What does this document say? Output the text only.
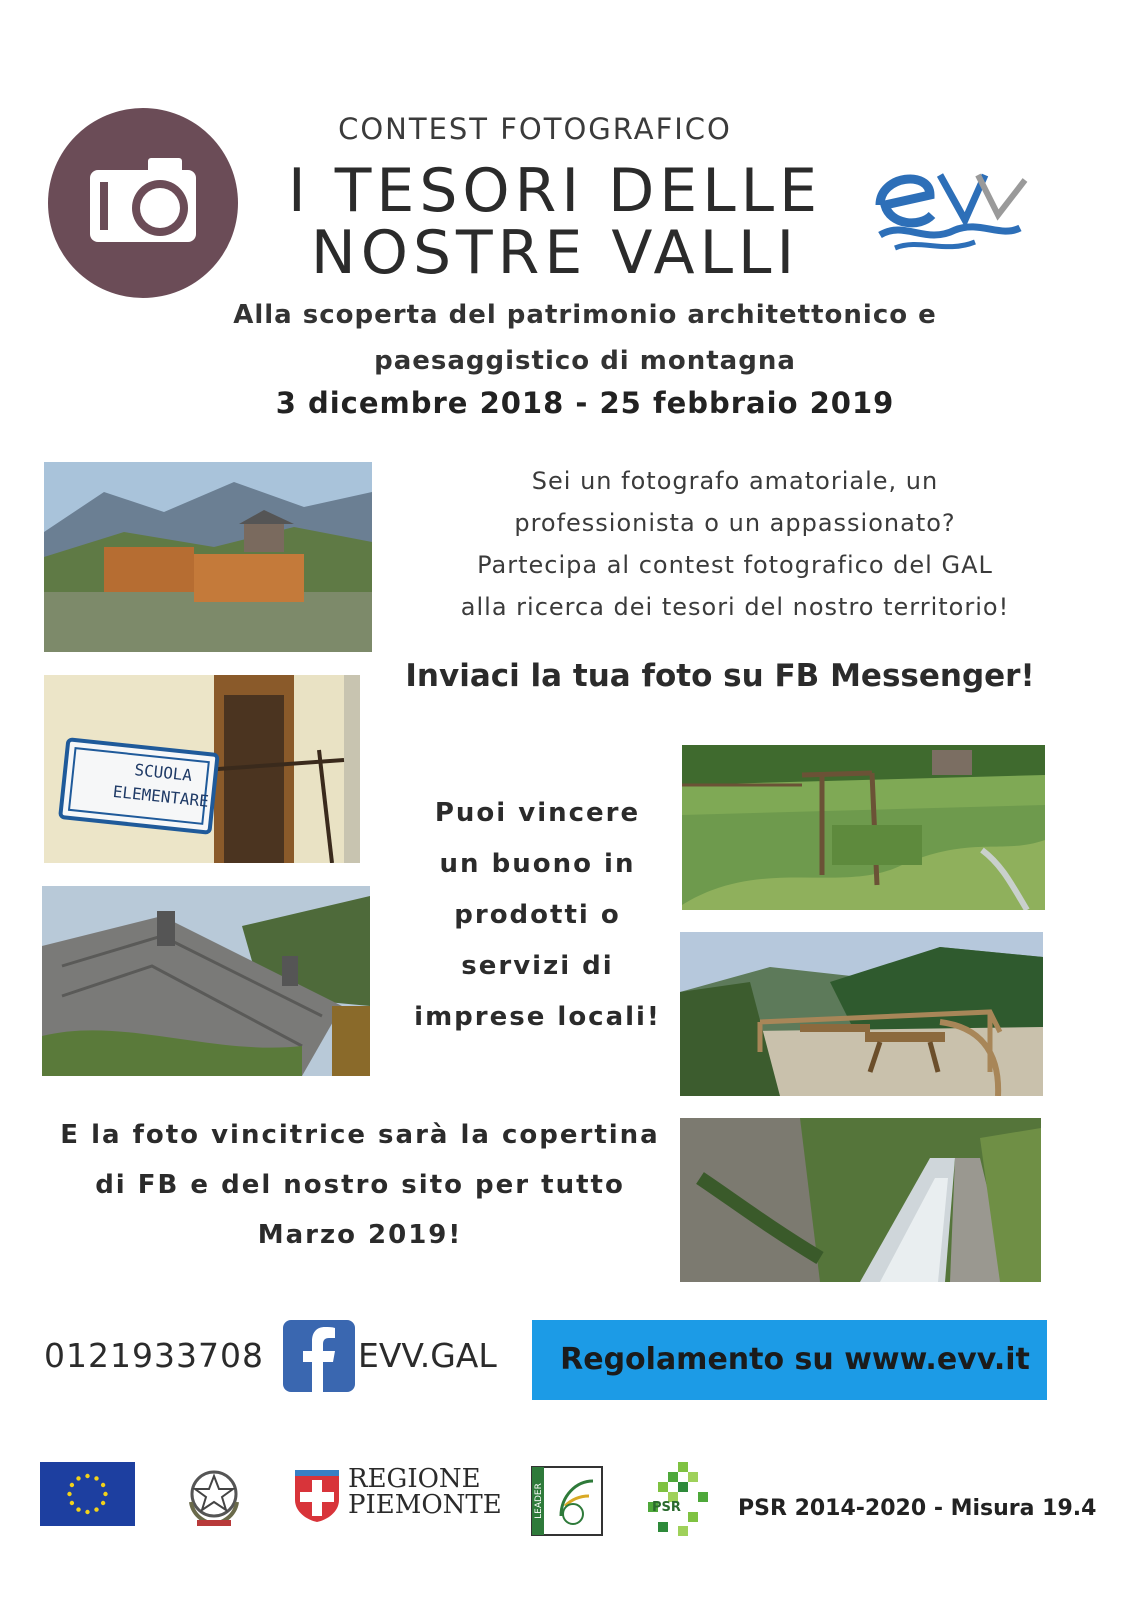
CONTEST FOTOGRAFICO
I TESORI DELLE
NOSTRE VALLI
Alla scoperta del patrimonio architettonico e
paesaggistico di montagna
3 dicembre 2018 - 25 febbraio 2019
Sei un fotografo amatoriale, un
professionista o un appassionato?
Partecipa al contest fotografico del GAL
alla ricerca dei tesori del nostro territorio!
Inviaci la tua foto su FB Messenger!
SCUOLA
ELEMENTARE
Puoi vincere
un buono in
prodotti o
servizi di
imprese locali!
E la foto vincitrice sarà la copertina
di FB e del nostro sito per tutto
Marzo 2019!
0121933708	EVV.GAL	Regolamento su www.evv.it
REGIONE
PIEMONTE	LEADER	PSR	PSR 2014-2020 - Misura 19.4
